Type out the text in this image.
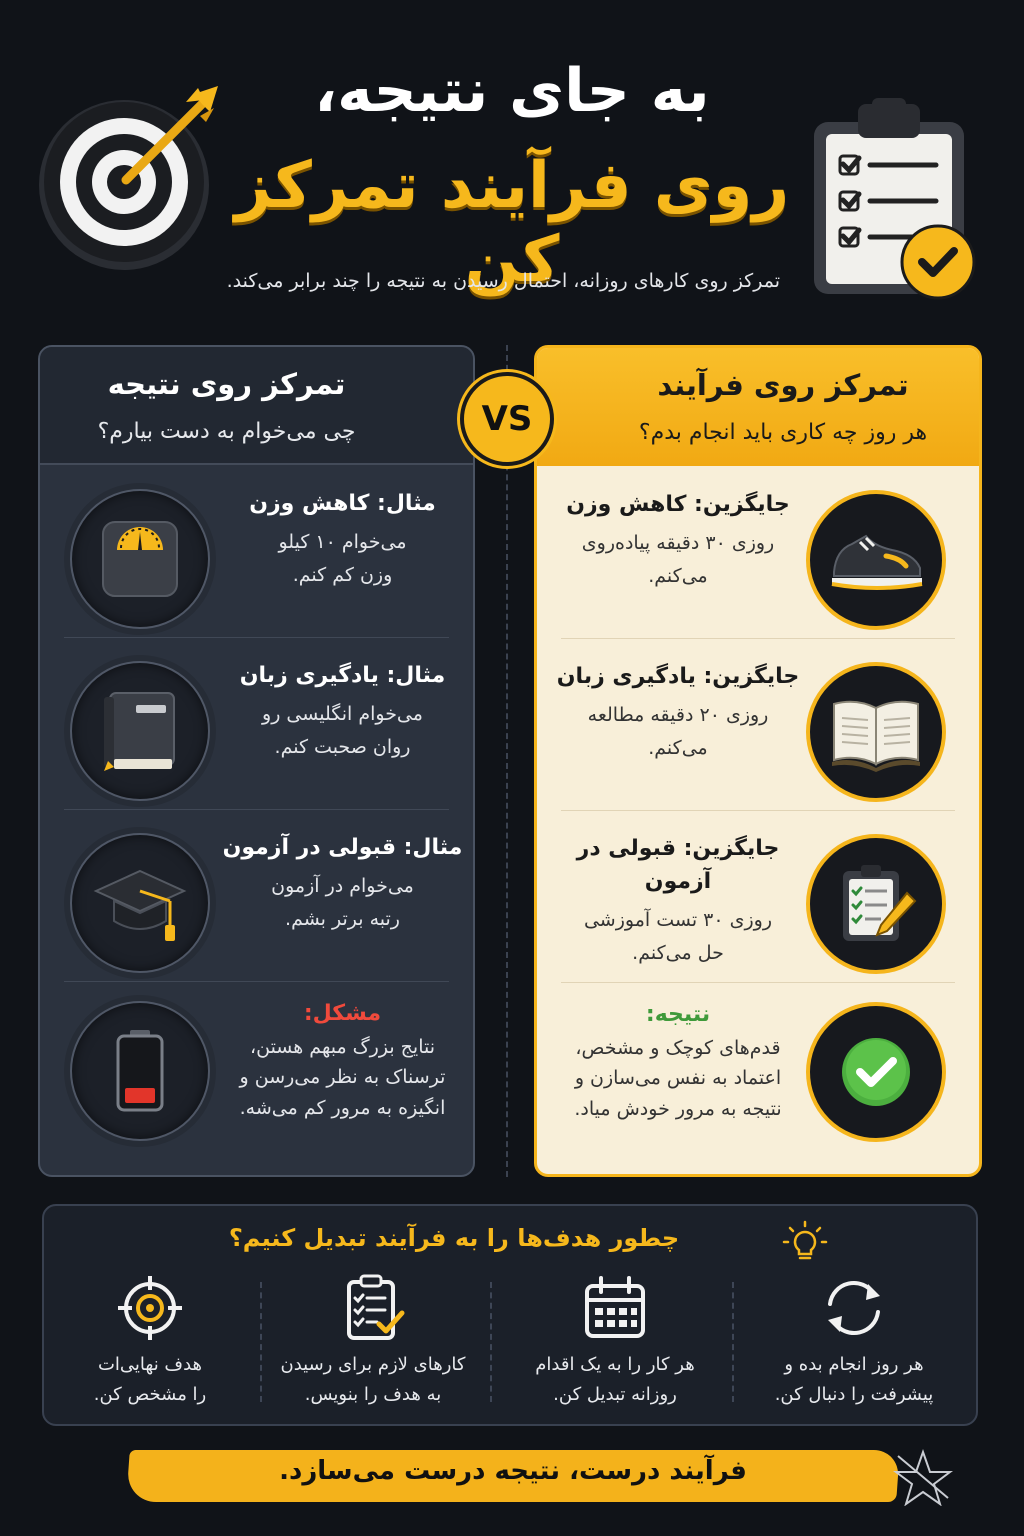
به جای نتیجه،
روی فرآیند تمرکز کن
تمرکز روی کارهای روزانه، احتمال رسیدن به نتیجه را چند برابر می‌کند.
تمرکز روی نتیجه
چی می‌خوام به دست بیارم؟
مثال: کاهش وزن
می‌خوام ۱۰ کیلو
وزن کم کنم.
مثال: یادگیری زبان
می‌خوام انگلیسی رو
روان صحبت کنم.
مثال: قبولی در آزمون
می‌خوام در آزمون
رتبه برتر بشم.
مشکل:
نتایج بزرگ مبهم هستن،
ترسناک به نظر می‌رسن و
انگیزه به مرور کم می‌شه.
تمرکز روی فرآیند
هر روز چه کاری باید انجام بدم؟
جایگزین: کاهش وزن
روزی ۳۰ دقیقه پیاده‌روی
می‌کنم.
جایگزین: یادگیری زبان
روزی ۲۰ دقیقه مطالعه
می‌کنم.
جایگزین: قبولی در آزمون
روزی ۳۰ تست آموزشی
حل می‌کنم.
نتیجه:
قدم‌های کوچک و مشخص،
اعتماد به نفس می‌سازن و
نتیجه به مرور خودش میاد.
VS
چطور هدف‌ها را به فرآیند تبدیل کنیم؟
هر روز انجام بده و
پیشرفت را دنبال کن.
هر کار را به یک اقدام
روزانه تبدیل کن.
کارهای لازم برای رسیدن
به هدف را بنویس.
هدف نهایی‌ات
را مشخص کن.
فرآیند درست، نتیجه درست می‌سازد.
